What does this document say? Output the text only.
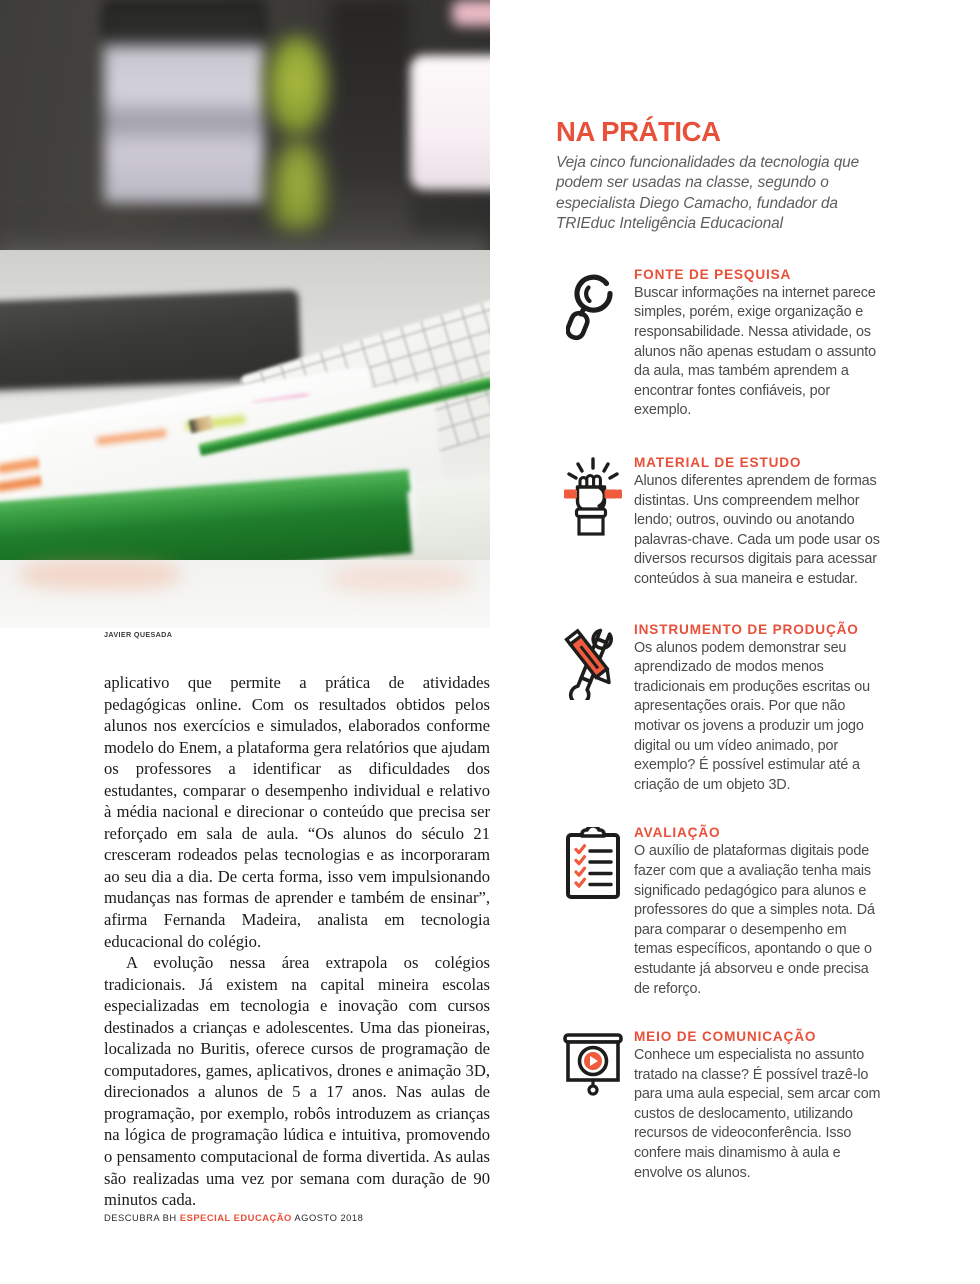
JAVIER QUESADA

aplicativo que permite a prática de atividades pedagógicas online. Com os resultados obtidos pelos alunos nos exercícios e simulados, elaborados conforme modelo do Enem, a plataforma gera relatórios que ajudam os professores a identificar as dificuldades dos estudantes, comparar o desempenho individual e relativo à média nacional e direcionar o conteúdo que precisa ser reforçado em sala de aula. “Os alunos do século 21 cresceram rodeados pelas tecnologias e as incorporaram ao seu dia a dia. De certa forma, isso vem impulsionando mudanças nas formas de aprender e também de ensinar”, afirma Fernanda Madeira, analista em tecnologia educacional do colégio.

A evolução nessa área extrapola os colégios tradicionais. Já existem na capital mineira escolas especializadas em tecnologia e inovação com cursos destinados a crianças e adolescentes. Uma das pioneiras, localizada no Buritis, oferece cursos de programação de computadores, games, aplicativos, drones e animação 3D, direcionados a alunos de 5 a 17 anos. Nas aulas de programação, por exemplo, robôs introduzem as crianças na lógica de programação lúdica e intuitiva, promovendo o pensamento computacional de forma divertida. As aulas são realizadas uma vez por semana com duração de 90 minutos cada.

DESCUBRA BH ESPECIAL EDUCAÇÃO AGOSTO 2018
NA PRÁTICA
Veja cinco funcionalidades da tecnologia que podem ser usadas na classe, segundo o especialista Diego Camacho, fundador da TRIEduc Inteligência Educacional
FONTE DE PESQUISA
Buscar informações na internet parece simples, porém, exige organização e responsabilidade. Nessa atividade, os alunos não apenas estudam o assunto da aula, mas também aprendem a encontrar fontes confiáveis, por exemplo.
MATERIAL DE ESTUDO
Alunos diferentes aprendem de formas distintas. Uns compreendem melhor lendo; outros, ouvindo ou anotando palavras-chave. Cada um pode usar os diversos recursos digitais para acessar conteúdos à sua maneira e estudar.
INSTRUMENTO DE PRODUÇÃO
Os alunos podem demonstrar seu aprendizado de modos menos tradicionais em produções escritas ou apresentações orais. Por que não motivar os jovens a produzir um jogo digital ou um vídeo animado, por exemplo? É possível estimular até a criação de um objeto 3D.
AVALIAÇÃO
O auxílio de plataformas digitais pode fazer com que a avaliação tenha mais significado pedagógico para alunos e professores do que a simples nota. Dá para comparar o desempenho em temas específicos, apontando o que o estudante já absorveu e onde precisa de reforço.
MEIO DE COMUNICAÇÃO
Conhece um especialista no assunto tratado na classe? É possível trazê-lo para uma aula especial, sem arcar com custos de deslocamento, utilizando recursos de videoconferência. Isso confere mais dinamismo à aula e envolve os alunos.
